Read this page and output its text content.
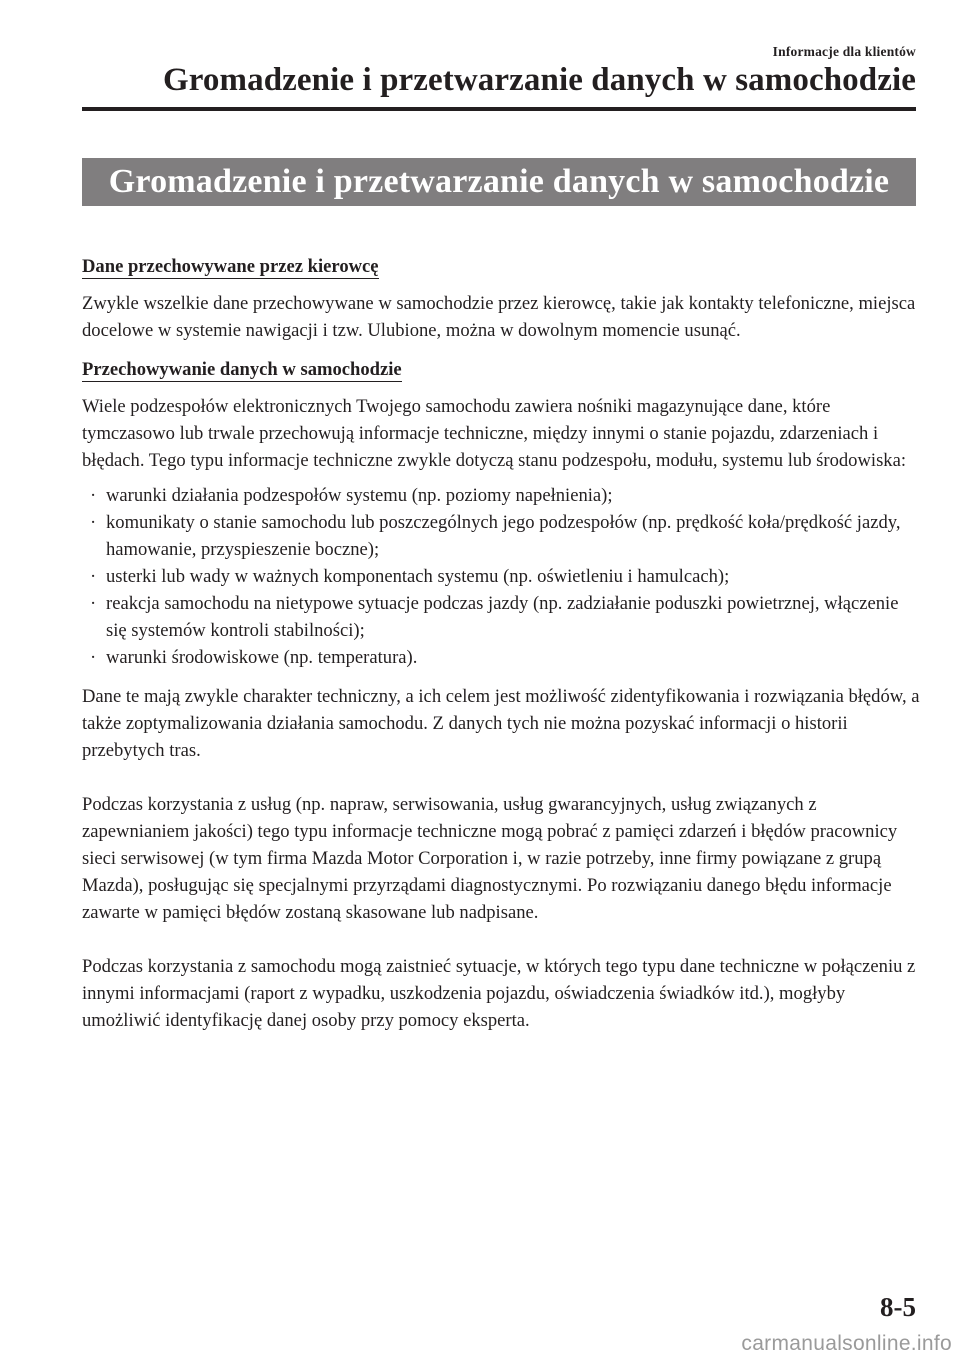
Informacje dla klientów
Gromadzenie i przetwarzanie danych w samochodzie
Gromadzenie i przetwarzanie danych w samochodzie
Dane przechowywane przez kierowcę

Zwykle wszelkie dane przechowywane w samochodzie przez kierowcę, takie jak kontakty telefoniczne, miejsca docelowe w systemie nawigacji i tzw. Ulubione, można w dowolnym momencie usunąć.

Przechowywanie danych w samochodzie

Wiele podzespołów elektronicznych Twojego samochodu zawiera nośniki magazynujące dane, które tymczasowo lub trwale przechowują informacje techniczne, między innymi o stanie pojazdu, zdarzeniach i błędach. Tego typu informacje techniczne zwykle dotyczą stanu podzespołu, modułu, systemu lub środowiska:

· warunki działania podzespołów systemu (np. poziomy napełnienia);
· komunikaty o stanie samochodu lub poszczególnych jego podzespołów (np. prędkość koła/prędkość jazdy, hamowanie, przyspieszenie boczne);
· usterki lub wady w ważnych komponentach systemu (np. oświetleniu i hamulcach);
· reakcja samochodu na nietypowe sytuacje podczas jazdy (np. zadziałanie poduszki powietrznej, włączenie się systemów kontroli stabilności);
· warunki środowiskowe (np. temperatura).

Dane te mają zwykle charakter techniczny, a ich celem jest możliwość zidentyfikowania i rozwiązania błędów, a także zoptymalizowania działania samochodu. Z danych tych nie można pozyskać informacji o historii przebytych tras.

Podczas korzystania z usług (np. napraw, serwisowania, usług gwarancyjnych, usług związanych z zapewnianiem jakości) tego typu informacje techniczne mogą pobrać z pamięci zdarzeń i błędów pracownicy sieci serwisowej (w tym firma Mazda Motor Corporation i, w razie potrzeby, inne firmy powiązane z grupą Mazda), posługując się specjalnymi przyrządami diagnostycznymi. Po rozwiązaniu danego błędu informacje zawarte w pamięci błędów zostaną skasowane lub nadpisane.

Podczas korzystania z samochodu mogą zaistnieć sytuacje, w których tego typu dane techniczne w połączeniu z innymi informacjami (raport z wypadku, uszkodzenia pojazdu, oświadczenia świadków itd.), mogłyby umożliwić identyfikację danej osoby przy pomocy eksperta.

8-5
carmanualsonline.info
